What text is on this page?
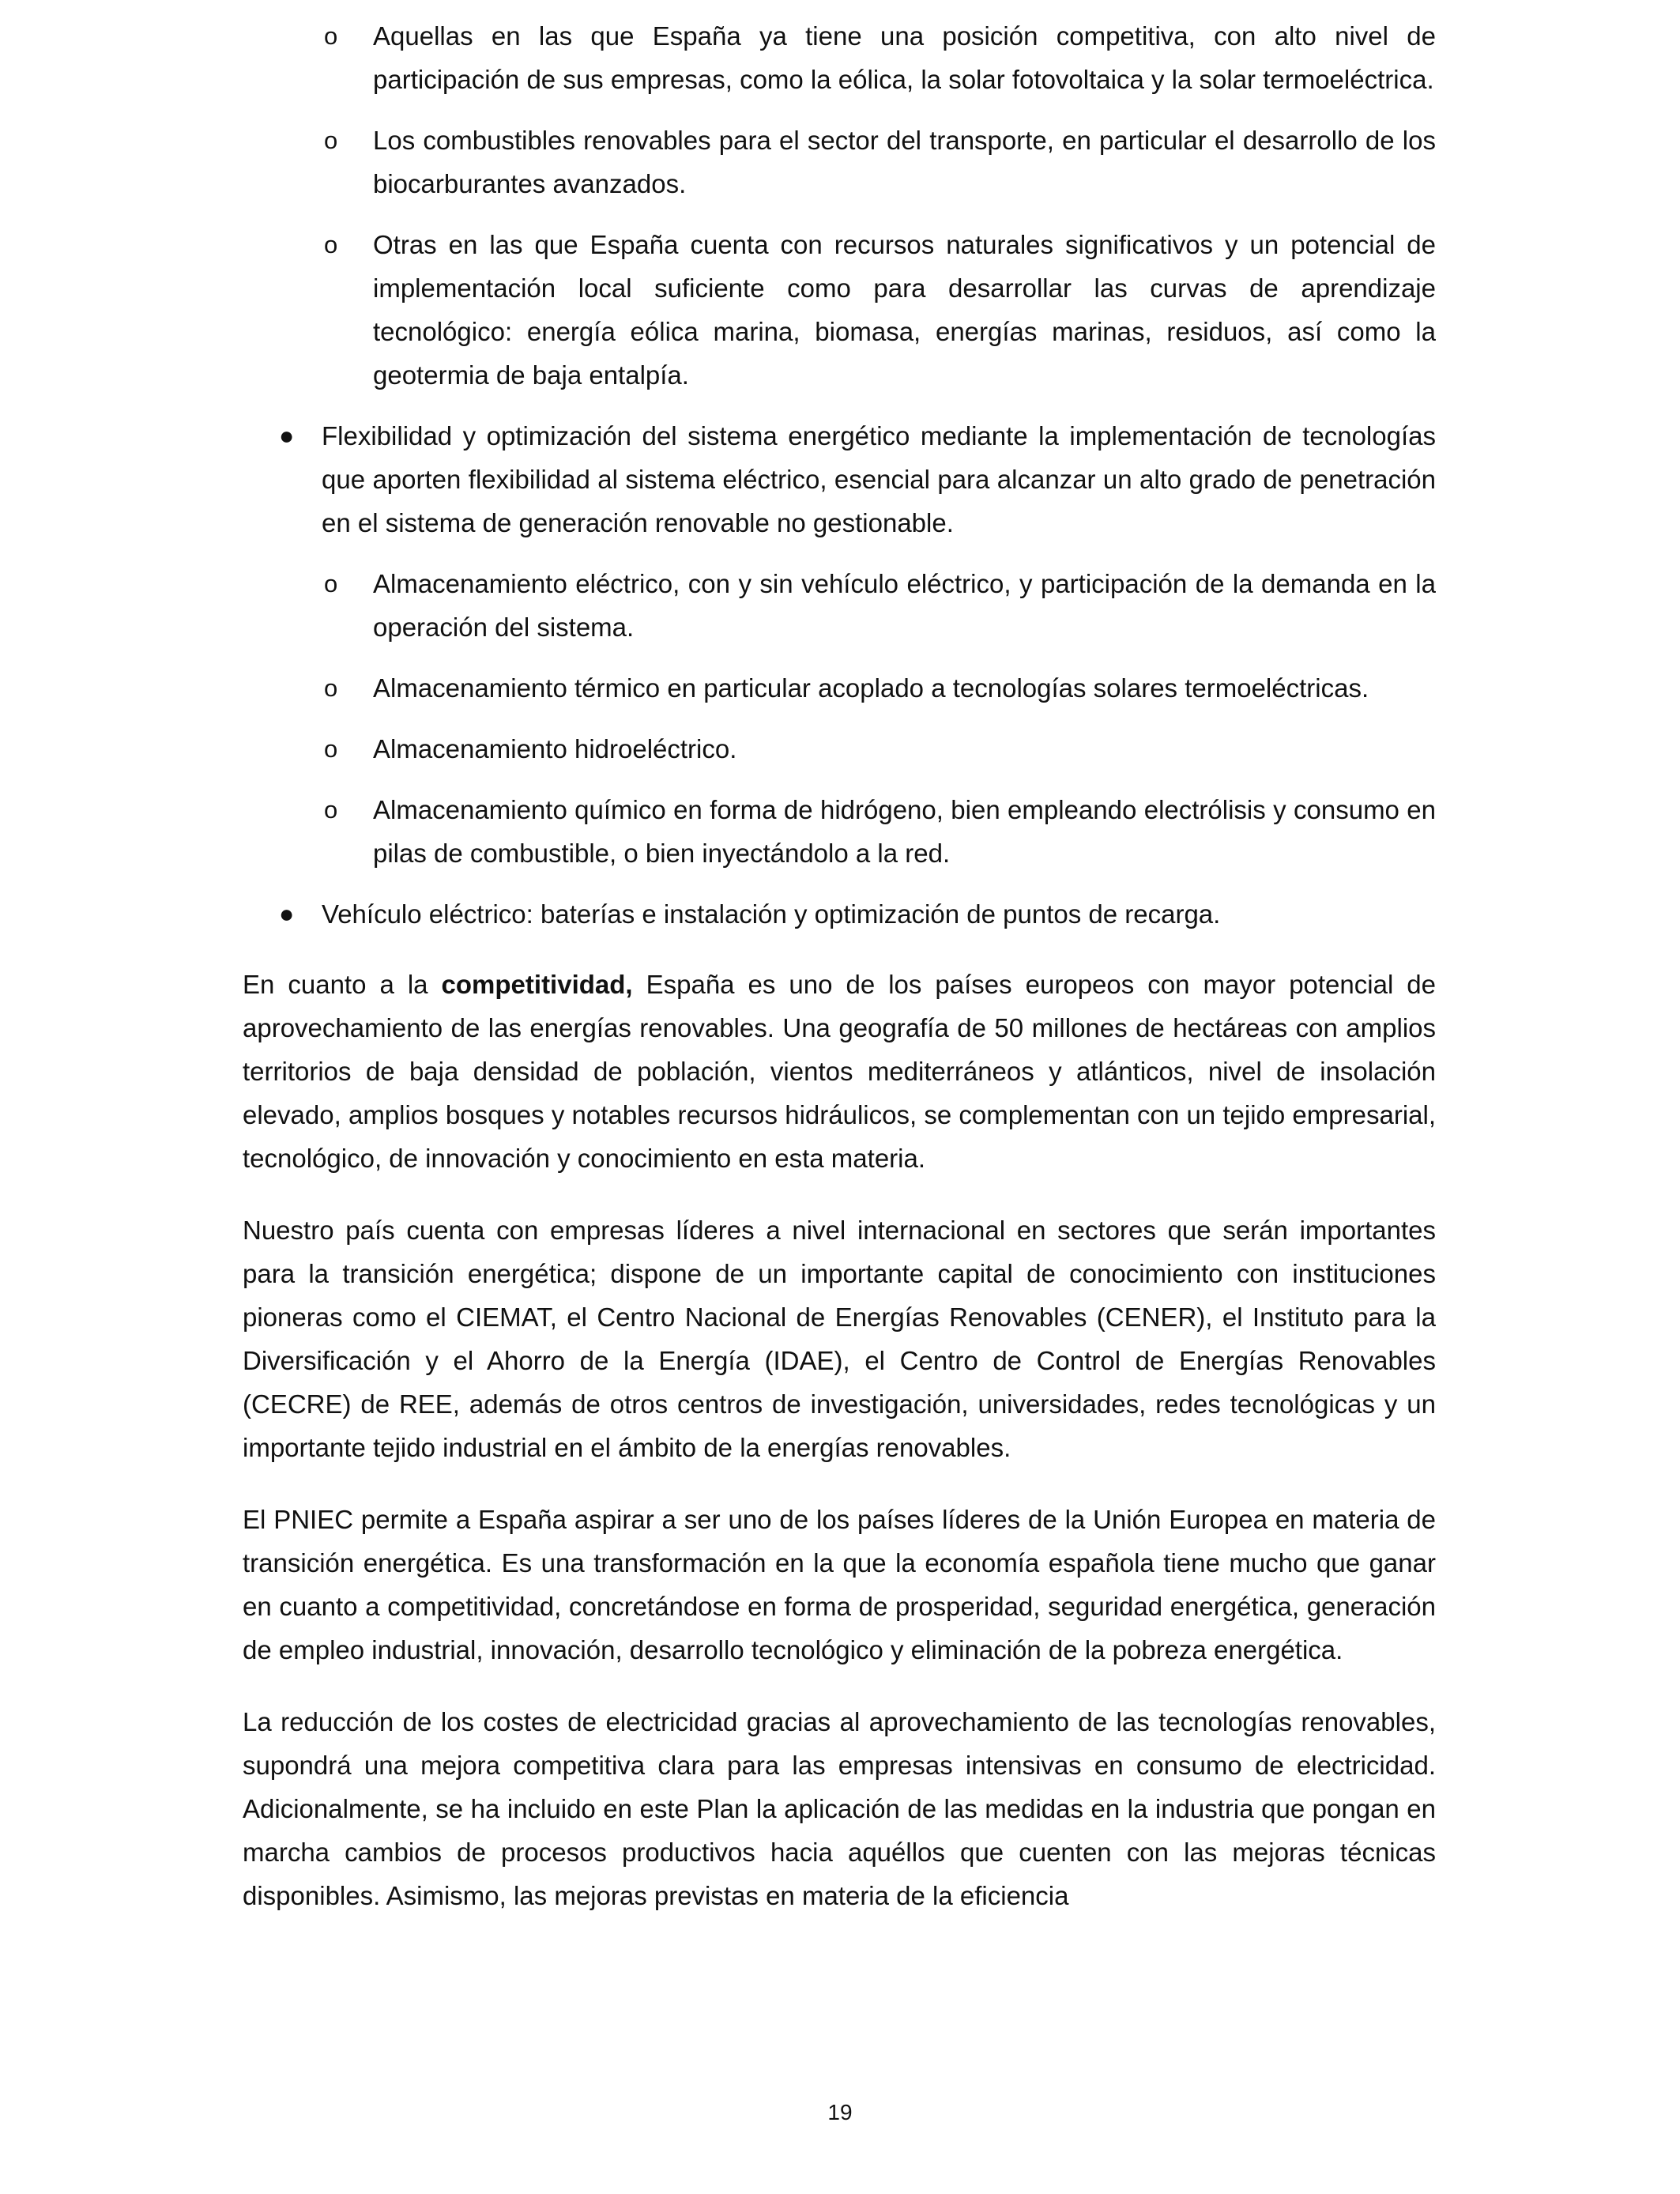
o Aquellas en las que España ya tiene una posición competitiva, con alto nivel de participación de sus empresas, como la eólica, la solar fotovoltaica y la solar termoeléctrica.

o Los combustibles renovables para el sector del transporte, en particular el desarrollo de los biocarburantes avanzados.

o Otras en las que España cuenta con recursos naturales significativos y un potencial de implementación local suficiente como para desarrollar las curvas de aprendizaje tecnológico: energía eólica marina, biomasa, energías marinas, residuos, así como la geotermia de baja entalpía.

● Flexibilidad y optimización del sistema energético mediante la implementación de tecnologías que aporten flexibilidad al sistema eléctrico, esencial para alcanzar un alto grado de penetración en el sistema de generación renovable no gestionable.

o Almacenamiento eléctrico, con y sin vehículo eléctrico, y participación de la demanda en la operación del sistema.

o Almacenamiento térmico en particular acoplado a tecnologías solares termoeléctricas.

o Almacenamiento hidroeléctrico.

o Almacenamiento químico en forma de hidrógeno, bien empleando electrólisis y consumo en pilas de combustible, o bien inyectándolo a la red.

● Vehículo eléctrico: baterías e instalación y optimización de puntos de recarga.

En cuanto a la competitividad, España es uno de los países europeos con mayor potencial de aprovechamiento de las energías renovables. Una geografía de 50 millones de hectáreas con amplios territorios de baja densidad de población, vientos mediterráneos y atlánticos, nivel de insolación elevado, amplios bosques y notables recursos hidráulicos, se complementan con un tejido empresarial, tecnológico, de innovación y conocimiento en esta materia.

Nuestro país cuenta con empresas líderes a nivel internacional en sectores que serán importantes para la transición energética; dispone de un importante capital de conocimiento con instituciones pioneras como el CIEMAT, el Centro Nacional de Energías Renovables (CENER), el Instituto para la Diversificación y el Ahorro de la Energía (IDAE), el Centro de Control de Energías Renovables (CECRE) de REE, además de otros centros de investigación, universidades, redes tecnológicas y un importante tejido industrial en el ámbito de la energías renovables.

El PNIEC permite a España aspirar a ser uno de los países líderes de la Unión Europea en materia de transición energética. Es una transformación en la que la economía española tiene mucho que ganar en cuanto a competitividad, concretándose en forma de prosperidad, seguridad energética, generación de empleo industrial, innovación, desarrollo tecnológico y eliminación de la pobreza energética.

La reducción de los costes de electricidad gracias al aprovechamiento de las tecnologías renovables, supondrá una mejora competitiva clara para las empresas intensivas en consumo de electricidad. Adicionalmente, se ha incluido en este Plan la aplicación de las medidas en la industria que pongan en marcha cambios de procesos productivos hacia aquéllos que cuenten con las mejoras técnicas disponibles. Asimismo, las mejoras previstas en materia de la eficiencia

19
